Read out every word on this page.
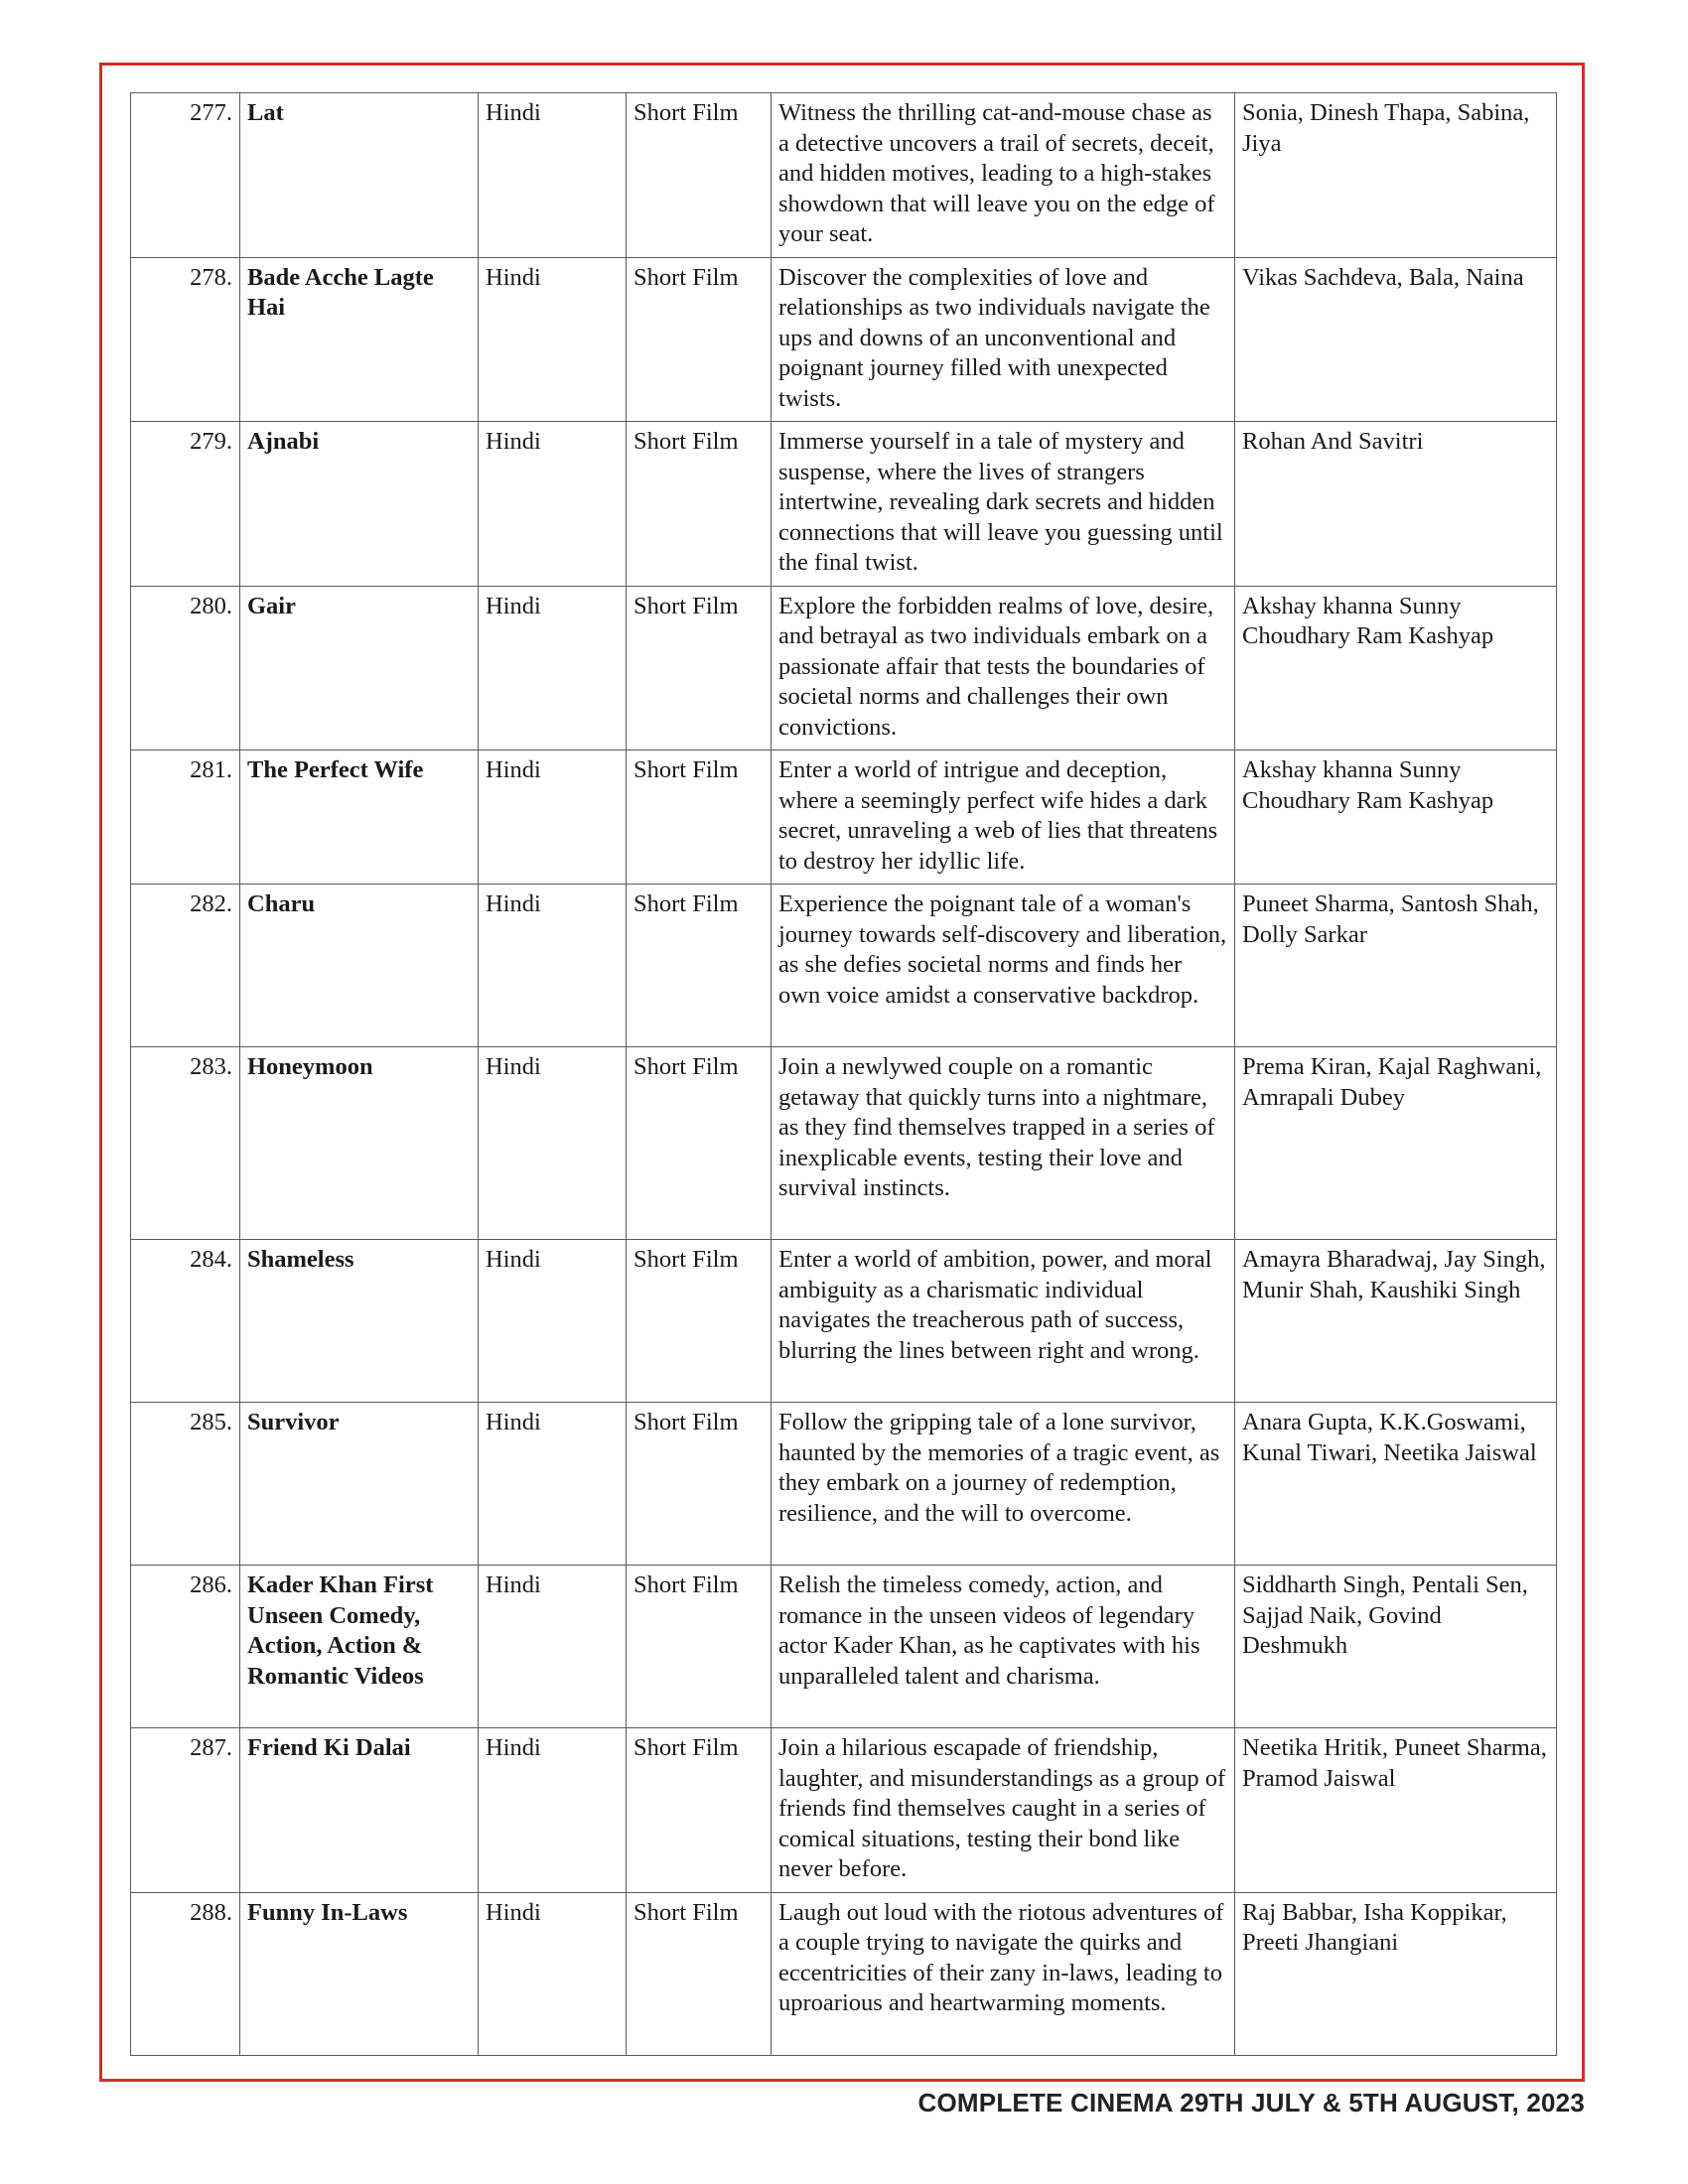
277.	Lat	Hindi	Short Film	Witness the thrilling cat-and-mouse chase as a detective uncovers a trail of secrets, deceit, and hidden motives, leading to a high-stakes showdown that will leave you on the edge of your seat.	Sonia, Dinesh Thapa, Sabina, Jiya
278.	Bade Acche Lagte Hai	Hindi	Short Film	Discover the complexities of love and relationships as two individuals navigate the ups and downs of an unconventional and poignant journey filled with unexpected twists.	Vikas Sachdeva, Bala, Naina
279.	Ajnabi	Hindi	Short Film	Immerse yourself in a tale of mystery and suspense, where the lives of strangers intertwine, revealing dark secrets and hidden connections that will leave you guessing until the final twist.	Rohan And Savitri
280.	Gair	Hindi	Short Film	Explore the forbidden realms of love, desire, and betrayal as two individuals embark on a passionate affair that tests the boundaries of societal norms and challenges their own convictions.	Akshay khanna Sunny Choudhary Ram Kashyap
281.	The Perfect Wife	Hindi	Short Film	Enter a world of intrigue and deception, where a seemingly perfect wife hides a dark secret, unraveling a web of lies that threatens to destroy her idyllic life.	Akshay khanna Sunny Choudhary Ram Kashyap
282.	Charu	Hindi	Short Film	Experience the poignant tale of a woman's journey towards self-discovery and liberation, as she defies societal norms and finds her own voice amidst a conservative backdrop.	Puneet Sharma, Santosh Shah, Dolly Sarkar
283.	Honeymoon	Hindi	Short Film	Join a newlywed couple on a romantic getaway that quickly turns into a nightmare, as they find themselves trapped in a series of inexplicable events, testing their love and survival instincts.	Prema Kiran, Kajal Raghwani, Amrapali Dubey
284.	Shameless	Hindi	Short Film	Enter a world of ambition, power, and moral ambiguity as a charismatic individual navigates the treacherous path of success, blurring the lines between right and wrong.	Amayra Bharadwaj, Jay Singh, Munir Shah, Kaushiki Singh
285.	Survivor	Hindi	Short Film	Follow the gripping tale of a lone survivor, haunted by the memories of a tragic event, as they embark on a journey of redemption, resilience, and the will to overcome.	Anara Gupta, K.K.Goswami, Kunal Tiwari, Neetika Jaiswal
286.	Kader Khan First Unseen Comedy, Action, Action & Romantic Videos	Hindi	Short Film	Relish the timeless comedy, action, and romance in the unseen videos of legendary actor Kader Khan, as he captivates with his unparalleled talent and charisma.	Siddharth Singh, Pentali Sen, Sajjad Naik, Govind Deshmukh
287.	Friend Ki Dalai	Hindi	Short Film	Join a hilarious escapade of friendship, laughter, and misunderstandings as a group of friends find themselves caught in a series of comical situations, testing their bond like never before.	Neetika Hritik, Puneet Sharma, Pramod Jaiswal
288.	Funny In-Laws	Hindi	Short Film	Laugh out loud with the riotous adventures of a couple trying to navigate the quirks and eccentricities of their zany in-laws, leading to uproarious and heartwarming moments.	Raj Babbar, Isha Koppikar, Preeti Jhangiani
COMPLETE CINEMA 29TH JULY & 5TH AUGUST, 2023
